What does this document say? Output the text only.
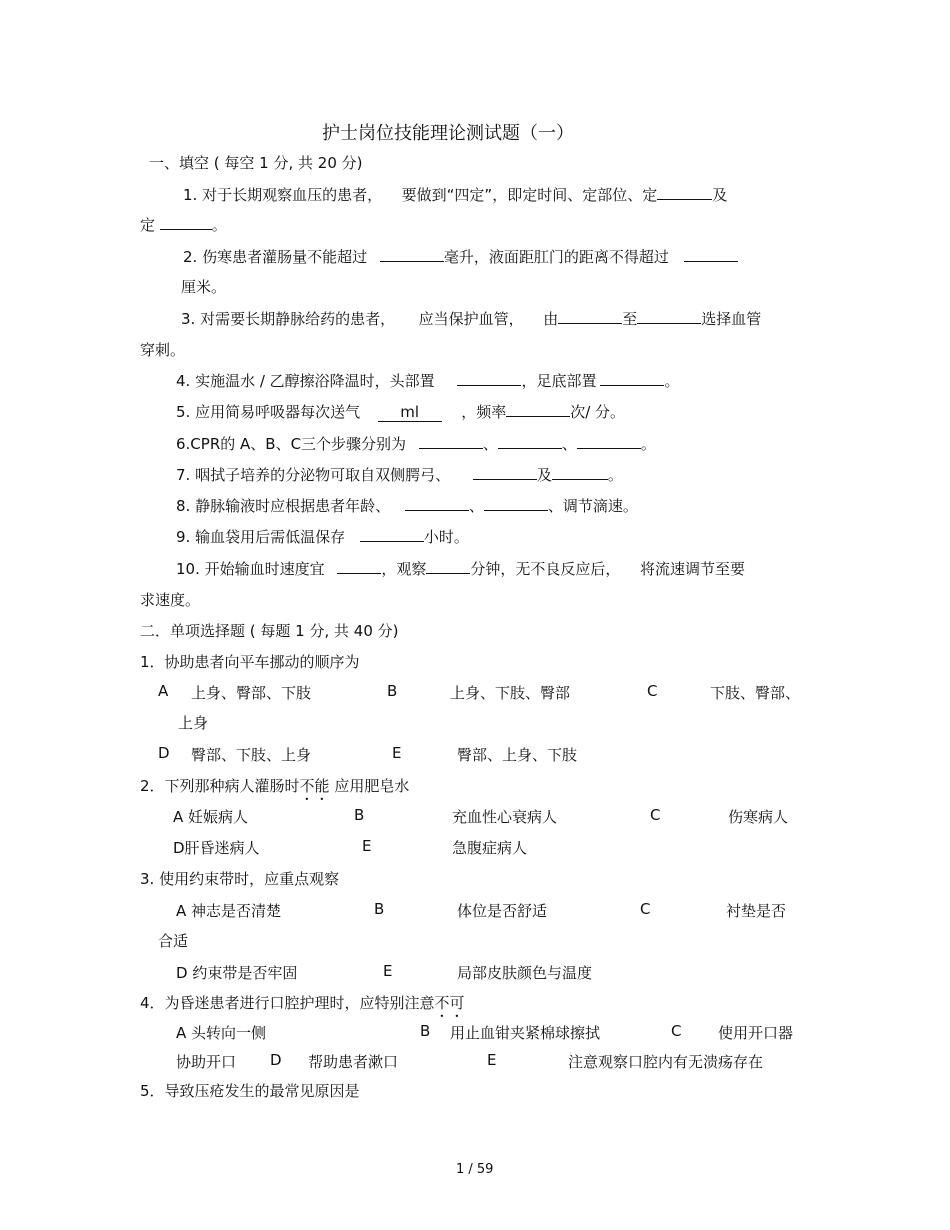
护士岗位技能理论测试题（一）
一、填空 ( 每空 1 分, 共 20 分)
1. 对于长期观察血压的患者， 要做到“四定”，即定时间、定部位、定	及
定	。
2. 伤寒患者灌肠量不能超过	毫升，液面距肛门的距离不得超过
厘米。
3. 对需要长期静脉给药的患者， 应当保护血管， 由	至	选择血管
穿刺。
4. 实施温水 / 乙醇擦浴降温时，头部置	，足底部置	。
5. 应用简易呼吸器每次送气	ml	，频率	次/ 分。
6.CPR的 A、B、C三个步骤分别为	、	、	。
7. 咽拭子培养的分泌物可取自双侧腭弓、	及	。
8. 静脉输液时应根据患者年龄、	、	、调节滴速。
9. 输血袋用后需低温保存	小时。
10. 开始输血时速度宜	，观察	分钟，无不良反应后， 将流速调节至要
求速度。
二．单项选择题 ( 每题 1 分, 共 40 分)
1．协助患者向平车挪动的顺序为
A 上身、臀部、下肢	B	上身、下肢、臀部	C	下肢、臀部、
上身
D 臀部、下肢、上身	E	臀部、上身、下肢
2．下列那种病人灌肠时不能 应用肥皂水
A 妊娠病人	B	充血性心衰病人	C	伤寒病人
D肝昏迷病人	E	急腹症病人
3. 使用约束带时，应重点观察
A 神志是否清楚	B	体位是否舒适	C	衬垫是否
合适
D 约束带是否牢固	E	局部皮肤颜色与温度
4．为昏迷患者进行口腔护理时，应特别注意不可
A 头转向一侧	B 用止血钳夹紧棉球擦拭	C 使用开口器
协助开口 D 帮助患者漱口	E	注意观察口腔内有无溃疡存在
5．导致压疮发生的最常见原因是
1 / 59
